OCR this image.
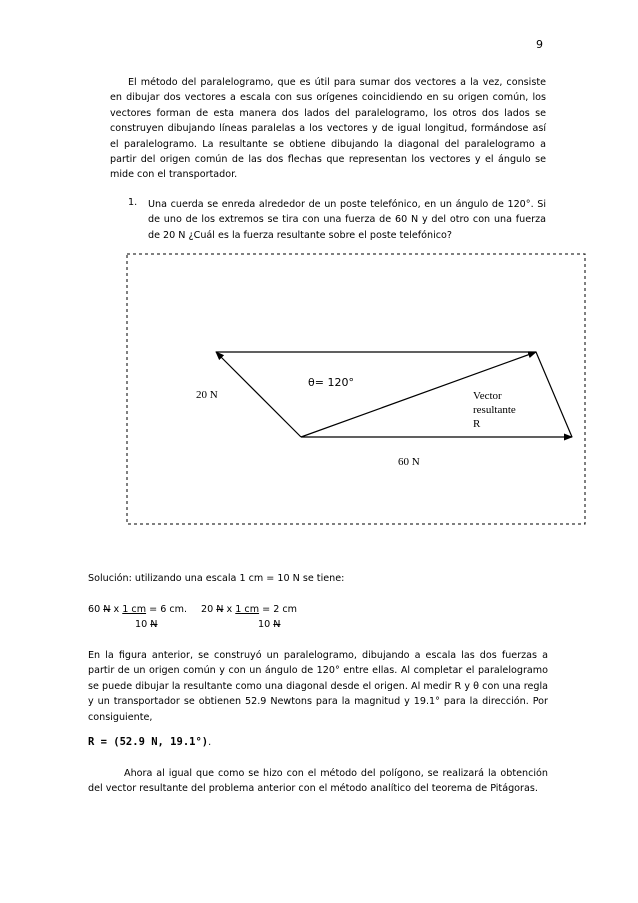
9
El método del paralelogramo, que es útil para sumar dos vectores a la vez, consiste en dibujar dos vectores a escala con sus orígenes coincidiendo en su origen común, los vectores forman de esta manera dos lados del paralelogramo, los otros dos lados se construyen dibujando líneas paralelas a los vectores y de igual longitud, formándose así el paralelogramo. La resultante se obtiene dibujando la diagonal del paralelogramo a partir del origen común de las dos flechas que representan los vectores y el ángulo se mide con el transportador.
1. Una cuerda se enreda alrededor de un poste telefónico, en un ángulo de 120°. Si de uno de los extremos se tira con una fuerza de 60 N y del otro con una fuerza de 20 N ¿Cuál es la fuerza resultante sobre el poste telefónico?
20 N
θ= 120°
60 N
Vector
resultante
R
Solución: utilizando una escala 1 cm = 10 N se tiene:
60 N x 1 cm = 6 cm. 20 N x 1 cm = 2 cm
10 N	10 N
En la figura anterior, se construyó un paralelogramo, dibujando a escala las dos fuerzas a partir de un origen común y con un ángulo de 120° entre ellas. Al completar el paralelogramo se puede dibujar la resultante como una diagonal desde el origen. Al medir R y θ con una regla y un transportador se obtienen 52.9 Newtons para la magnitud y 19.1° para la dirección. Por consiguiente,
R = (52.9 N, 19.1°).
Ahora al igual que como se hizo con el método del polígono, se realizará la obtención del vector resultante del problema anterior con el método analítico del teorema de Pitágoras.
